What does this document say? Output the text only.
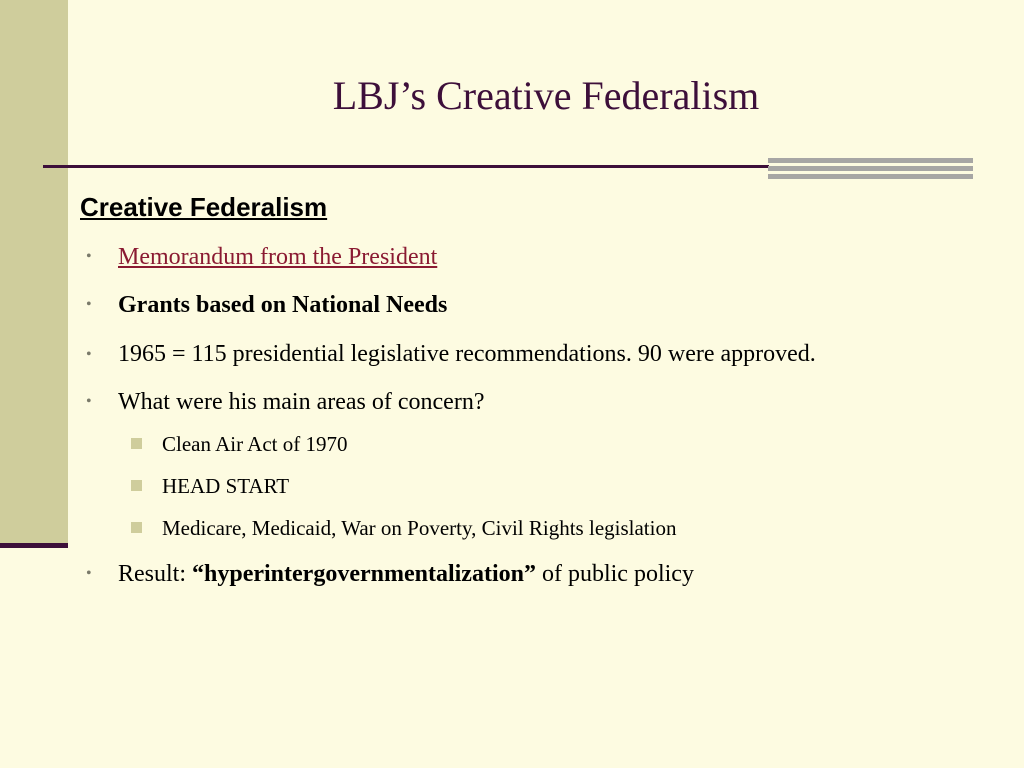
LBJ’s Creative Federalism
Creative Federalism
• Memorandum from the President
• Grants based on National Needs
• 1965 = 115 presidential legislative recommendations. 90 were approved.
• What were his main areas of concern?
Clean Air Act of 1970
HEAD START
Medicare, Medicaid, War on Poverty, Civil Rights legislation
• Result: “hyperintergovernmentalization” of public policy
